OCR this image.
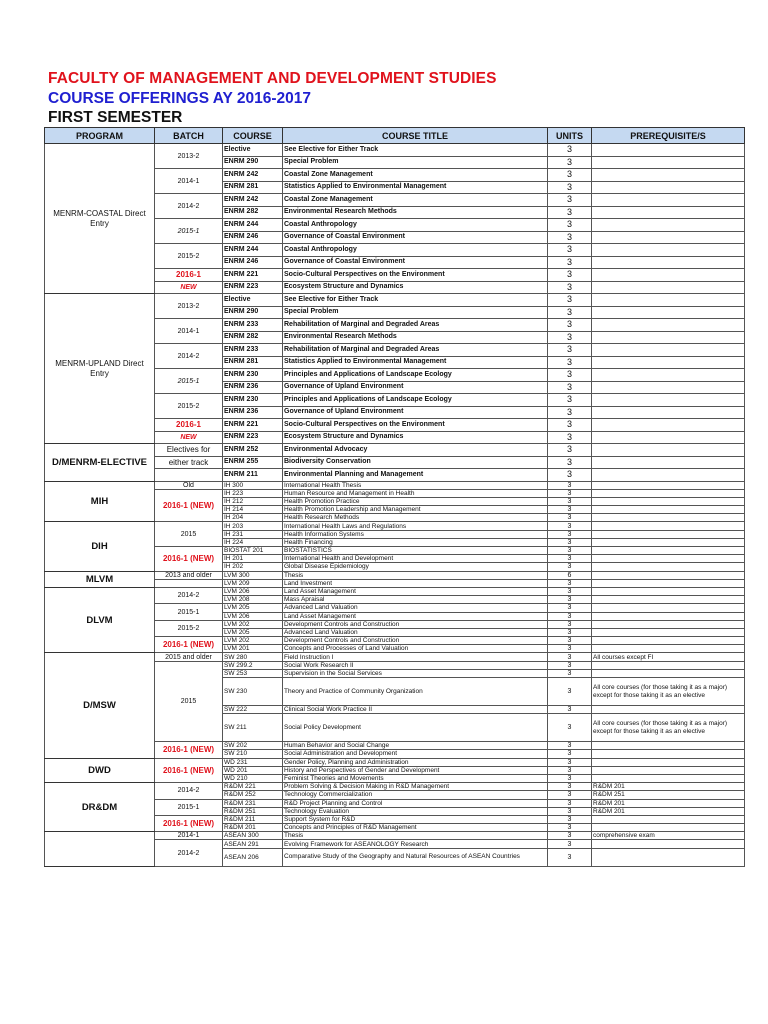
FACULTY OF MANAGEMENT AND DEVELOPMENT STUDIES
COURSE OFFERINGS AY 2016-2017
FIRST SEMESTER
PROGRAM	BATCH	COURSE	COURSE TITLE	UNITS	PREREQUISITE/S
MENRM-COASTAL Direct Entry	2013-2	Elective	See Elective for Either Track	3	
		ENRM 290	Special Problem	3	
	2014-1	ENRM 242	Coastal Zone Management	3	
		ENRM 281	Statistics Applied to Environmental Management	3	
	2014-2	ENRM 242	Coastal Zone Management	3	
		ENRM 282	Environmental Research Methods	3	
	2015-1	ENRM 244	Coastal Anthropology	3	
		ENRM 246	Governance of Coastal Environment	3	
	2015-2	ENRM 244	Coastal Anthropology	3	
		ENRM 246	Governance of Coastal Environment	3	
	2016-1	ENRM 221	Socio-Cultural Perspectives on the Environment	3	
	NEW	ENRM 223	Ecosystem Structure and Dynamics	3	
MENRM-UPLAND Direct Entry	2013-2	Elective	See Elective for Either Track	3	
		ENRM 290	Special Problem	3	
	2014-1	ENRM 233	Rehabilitation of Marginal and Degraded Areas	3	
		ENRM 282	Environmental Research Methods	3	
	2014-2	ENRM 233	Rehabilitation of Marginal and Degraded Areas	3	
		ENRM 281	Statistics Applied to Environmental Management	3	
	2015-1	ENRM 230	Principles and Applications of Landscape Ecology	3	
		ENRM 236	Governance of Upland Environment	3	
	2015-2	ENRM 230	Principles and Applications of Landscape Ecology	3	
		ENRM 236	Governance of Upland Environment	3	
	2016-1	ENRM 221	Socio-Cultural Perspectives on the Environment	3	
	NEW	ENRM 223	Ecosystem Structure and Dynamics	3	
D/MENRM-ELECTIVE	Electives for	ENRM 252	Environmental Advocacy	3	
	either track	ENRM 255	Biodiversity Conservation	3	
		ENRM 211	Environmental Planning and Management	3	
MIH	Old	IH 300	International Health Thesis	3	
	2016-1 (NEW)	IH 223	Human Resource and Management in Health	3	
		IH 212	Health Promotion Practice	3	
		IH 214	Health Promotion Leadership and Management	3	
		IH 204	Health Research Methods	3	
DIH	2015	IH 203	International Health Laws and Regulations	3	
		IH 231	Health Information Systems	3	
		IH 224	Health Financing	3	
	2016-1 (NEW)	BIOSTAT 201	BIOSTATISTICS	3	
		IH 201	International Health and Development	3	
		IH 202	Global Disease Epidemiology	3	
MLVM	2013 and older	LVM 300	Thesis	6	
		LVM 209	Land Investment	3	
DLVM	2014-2	LVM 206	Land Asset Management	3	
		LVM 208	Mass Apraisal	3	
	2015-1	LVM 205	Advanced Land Valuation	3	
		LVM 206	Land Asset Management	3	
	2015-2	LVM 202	Development Controls and Construction	3	
		LVM 205	Advanced Land Valuation	3	
	2016-1 (NEW)	LVM 202	Development Controls and Construction	3	
		LVM 201	Concepts and Processes of Land Valuation	3	
D/MSW	2015 and older	SW 280	Field Instruction I	3	All courses except FI
	2015	SW 299.2	Social Work Research II	3	
		SW 253	Supervision in the Social Services	3	
		SW 230	Theory and Practice of Community Organization	3	All core courses (for those taking it as a major) except for those taking it as an elective
		SW 222	Clinical Social Work Practice II	3	
		SW 211	Social Policy Development	3	All core courses (for those taking it as a major) except for those taking it as an elective
	2016-1 (NEW)	SW 202	Human Behavior and Social Change	3	
		SW 210	Social Administration and Development	3	
DWD	2016-1 (NEW)	WD 231	Gender Policy, Planning and Administration	3	
		WD 201	History and Perspectives of Gender and Development	3	
		WD 210	Feminist Theories and Movements	3	
DR&DM	2014-2	R&DM 221	Problem Solving & Decision Making in R&D Management	3	R&DM 201
		R&DM 252	Technology Commercialization	3	R&DM 251
	2015-1	R&DM 231	R&D Project Planning and Control	3	R&DM 201
		R&DM 251	Technology Evaluation	3	R&DM 201
	2016-1 (NEW)	R&DM 211	Support System for R&D	3	
		R&DM 201	Concepts and Principles of R&D Management	3	
	2014-1	ASEAN 300	Thesis	3	comprehensive exam
	2014-2	ASEAN 291	Evolving Framework for ASEANOLOGY Research	3	
		ASEAN 206	Comparative Study of the Geography and Natural Resources of ASEAN Countries	3	
